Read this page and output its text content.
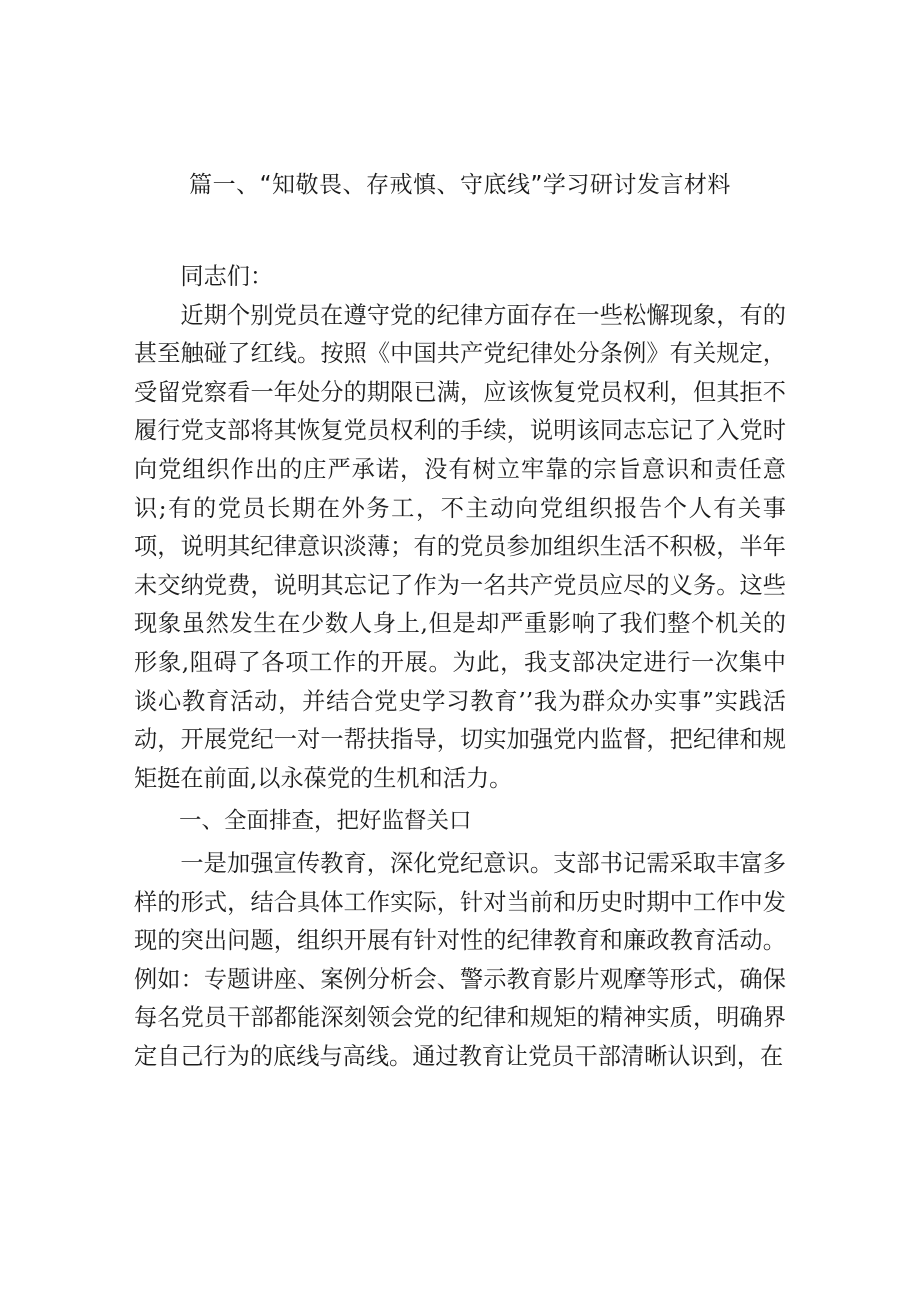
篇一、“知敬畏、存戒慎、守底线”学习研讨发言材料

同志们：

近期个别党员在遵守党的纪律方面存在一些松懈现象，有的甚至触碰了红线。按照《中国共产党纪律处分条例》有关规定，受留党察看一年处分的期限已满，应该恢复党员权利，但其拒不履行党支部将其恢复党员权利的手续，说明该同志忘记了入党时向党组织作出的庄严承诺，没有树立牢靠的宗旨意识和责任意识;有的党员长期在外务工，不主动向党组织报告个人有关事项，说明其纪律意识淡薄；有的党员参加组织生活不积极，半年未交纳党费，说明其忘记了作为一名共产党员应尽的义务。这些现象虽然发生在少数人身上,但是却严重影响了我们整个机关的形象,阻碍了各项工作的开展。为此，我支部决定进行一次集中谈心教育活动，并结合党史学习教育’’我为群众办实事”实践活动，开展党纪一对一帮扶指导，切实加强党内监督，把纪律和规矩挺在前面,以永葆党的生机和活力。

一、全面排查，把好监督关口

一是加强宣传教育，深化党纪意识。支部书记需采取丰富多样的形式，结合具体工作实际，针对当前和历史时期中工作中发现的突出问题，组织开展有针对性的纪律教育和廉政教育活动。例如：专题讲座、案例分析会、警示教育影片观摩等形式，确保每名党员干部都能深刻领会党的纪律和规矩的精神实质，明确界定自己行为的底线与高线。通过教育让党员干部清晰认识到，在
